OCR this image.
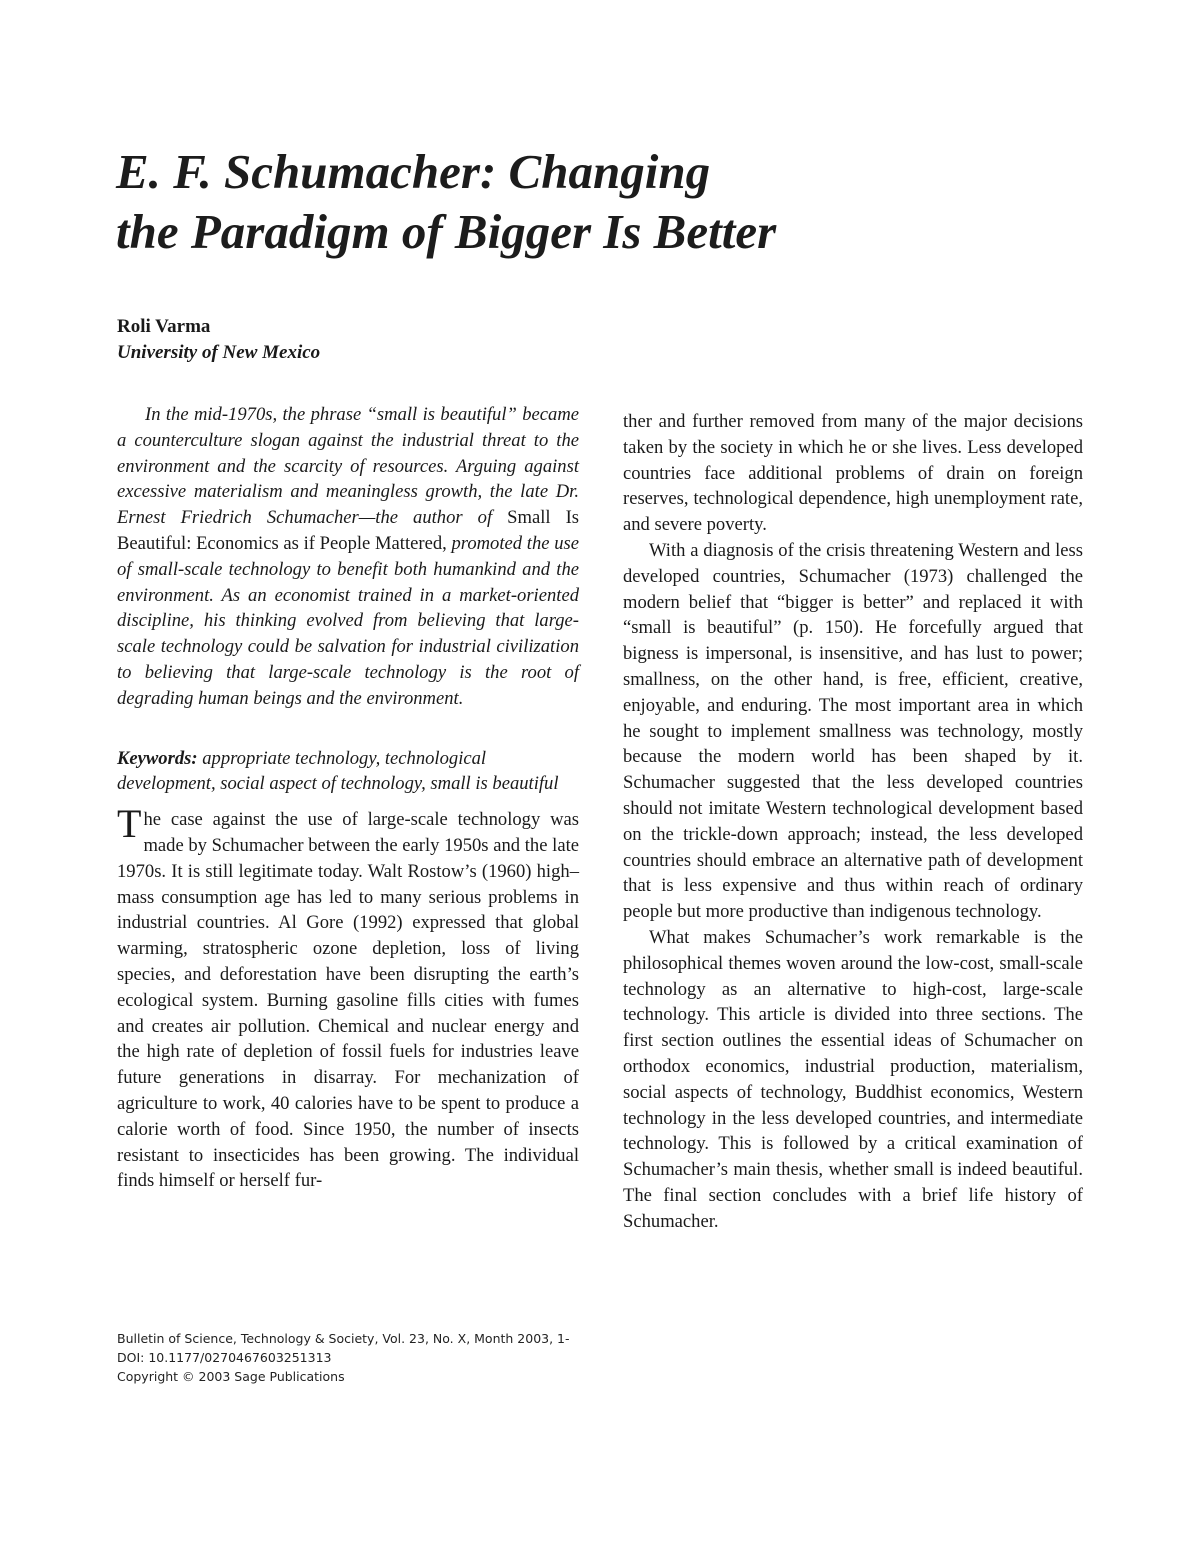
E. F. Schumacher: Changing
the Paradigm of Bigger Is Better
Roli Varma
University of New Mexico

In the mid-1970s, the phrase “small is beautiful” became a counterculture slogan against the industrial threat to the environment and the scarcity of resources. Arguing against excessive materialism and meaningless growth, the late Dr. Ernest Friedrich Schumacher—the author of Small Is Beautiful: Economics as if People Mattered, promoted the use of small-scale technology to benefit both humankind and the environment. As an economist trained in a market-oriented discipline, his thinking evolved from believing that large-scale technology could be salvation for industrial civilization to believing that large-scale technology is the root of degrading human beings and the environment.

Keywords: appropriate technology, technological development, social aspect of technology, small is beautiful

The case against the use of large-scale technology was made by Schumacher between the early 1950s and the late 1970s. It is still legitimate today. Walt Rostow’s (1960) high–mass consumption age has led to many serious problems in industrial countries. Al Gore (1992) expressed that global warming, stratospheric ozone depletion, loss of living species, and deforestation have been disrupting the earth’s ecological system. Burning gasoline fills cities with fumes and creates air pollution. Chemical and nuclear energy and the high rate of depletion of fossil fuels for industries leave future generations in disarray. For mechanization of agriculture to work, 40 calories have to be spent to produce a calorie worth of food. Since 1950, the number of insects resistant to insecticides has been growing. The individual finds himself or herself fur-

ther and further removed from many of the major decisions taken by the society in which he or she lives. Less developed countries face additional problems of drain on foreign reserves, technological dependence, high unemployment rate, and severe poverty.

With a diagnosis of the crisis threatening Western and less developed countries, Schumacher (1973) challenged the modern belief that “bigger is better” and replaced it with “small is beautiful” (p. 150). He forcefully argued that bigness is impersonal, is insensitive, and has lust to power; smallness, on the other hand, is free, efficient, creative, enjoyable, and enduring. The most important area in which he sought to implement smallness was technology, mostly because the modern world has been shaped by it. Schumacher suggested that the less developed countries should not imitate Western technological development based on the trickle-down approach; instead, the less developed countries should embrace an alternative path of development that is less expensive and thus within reach of ordinary people but more productive than indigenous technology.

What makes Schumacher’s work remarkable is the philosophical themes woven around the low-cost, small-scale technology as an alternative to high-cost, large-scale technology. This article is divided into three sections. The first section outlines the essential ideas of Schumacher on orthodox economics, industrial production, materialism, social aspects of technology, Buddhist economics, Western technology in the less developed countries, and intermediate technology. This is followed by a critical examination of Schumacher’s main thesis, whether small is indeed beautiful. The final section concludes with a brief life history of Schumacher.

Bulletin of Science, Technology & Society, Vol. 23, No. X, Month 2003, 1-
DOI: 10.1177/0270467603251313
Copyright © 2003 Sage Publications
